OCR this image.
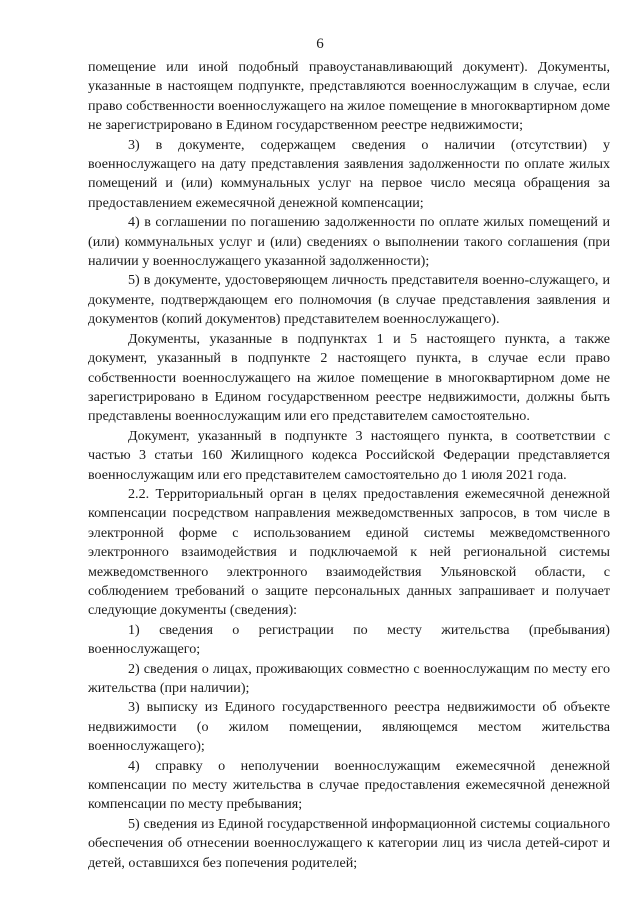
6

помещение или иной подобный правоустанавливающий документ). Документы, указанные в настоящем подпункте, представляются военнослужащим в случае, если право собственности военнослужащего на жилое помещение в многоквартирном доме не зарегистрировано в Едином государственном реестре недвижимости;

3) в документе, содержащем сведения о наличии (отсутствии) у военнослужащего на дату представления заявления задолженности по оплате жилых помещений и (или) коммунальных услуг на первое число месяца обращения за предоставлением ежемесячной денежной компенсации;

4) в соглашении по погашению задолженности по оплате жилых помещений и (или) коммунальных услуг и (или) сведениях о выполнении такого соглашения (при наличии у военнослужащего указанной задолженности);

5) в документе, удостоверяющем личность представителя военно-служащего, и документе, подтверждающем его полномочия (в случае представления заявления и документов (копий документов) представителем военнослужащего).

Документы, указанные в подпунктах 1 и 5 настоящего пункта, а также документ, указанный в подпункте 2 настоящего пункта, в случае если право собственности военнослужащего на жилое помещение в многоквартирном доме не зарегистрировано в Едином государственном реестре недвижимости, должны быть представлены военнослужащим или его представителем самостоятельно.

Документ, указанный в подпункте 3 настоящего пункта, в соответствии с частью 3 статьи 160 Жилищного кодекса Российской Федерации представляется военнослужащим или его представителем самостоятельно до 1 июля 2021 года.

2.2. Территориальный орган в целях предоставления ежемесячной денежной компенсации посредством направления межведомственных запросов, в том числе в электронной форме с использованием единой системы межведомственного электронного взаимодействия и подключаемой к ней региональной системы межведомственного электронного взаимодействия Ульяновской области, с соблюдением требований о защите персональных данных запрашивает и получает следующие документы (сведения):

1) сведения о регистрации по месту жительства (пребывания) военнослужащего;

2) сведения о лицах, проживающих совместно с военнослужащим по месту его жительства (при наличии);

3) выписку из Единого государственного реестра недвижимости об объекте недвижимости (о жилом помещении, являющемся местом жительства военнослужащего);

4) справку о неполучении военнослужащим ежемесячной денежной компенсации по месту жительства в случае предоставления ежемесячной денежной компенсации по месту пребывания;

5) сведения из Единой государственной информационной системы социального обеспечения об отнесении военнослужащего к категории лиц из числа детей-сирот и детей, оставшихся без попечения родителей;
